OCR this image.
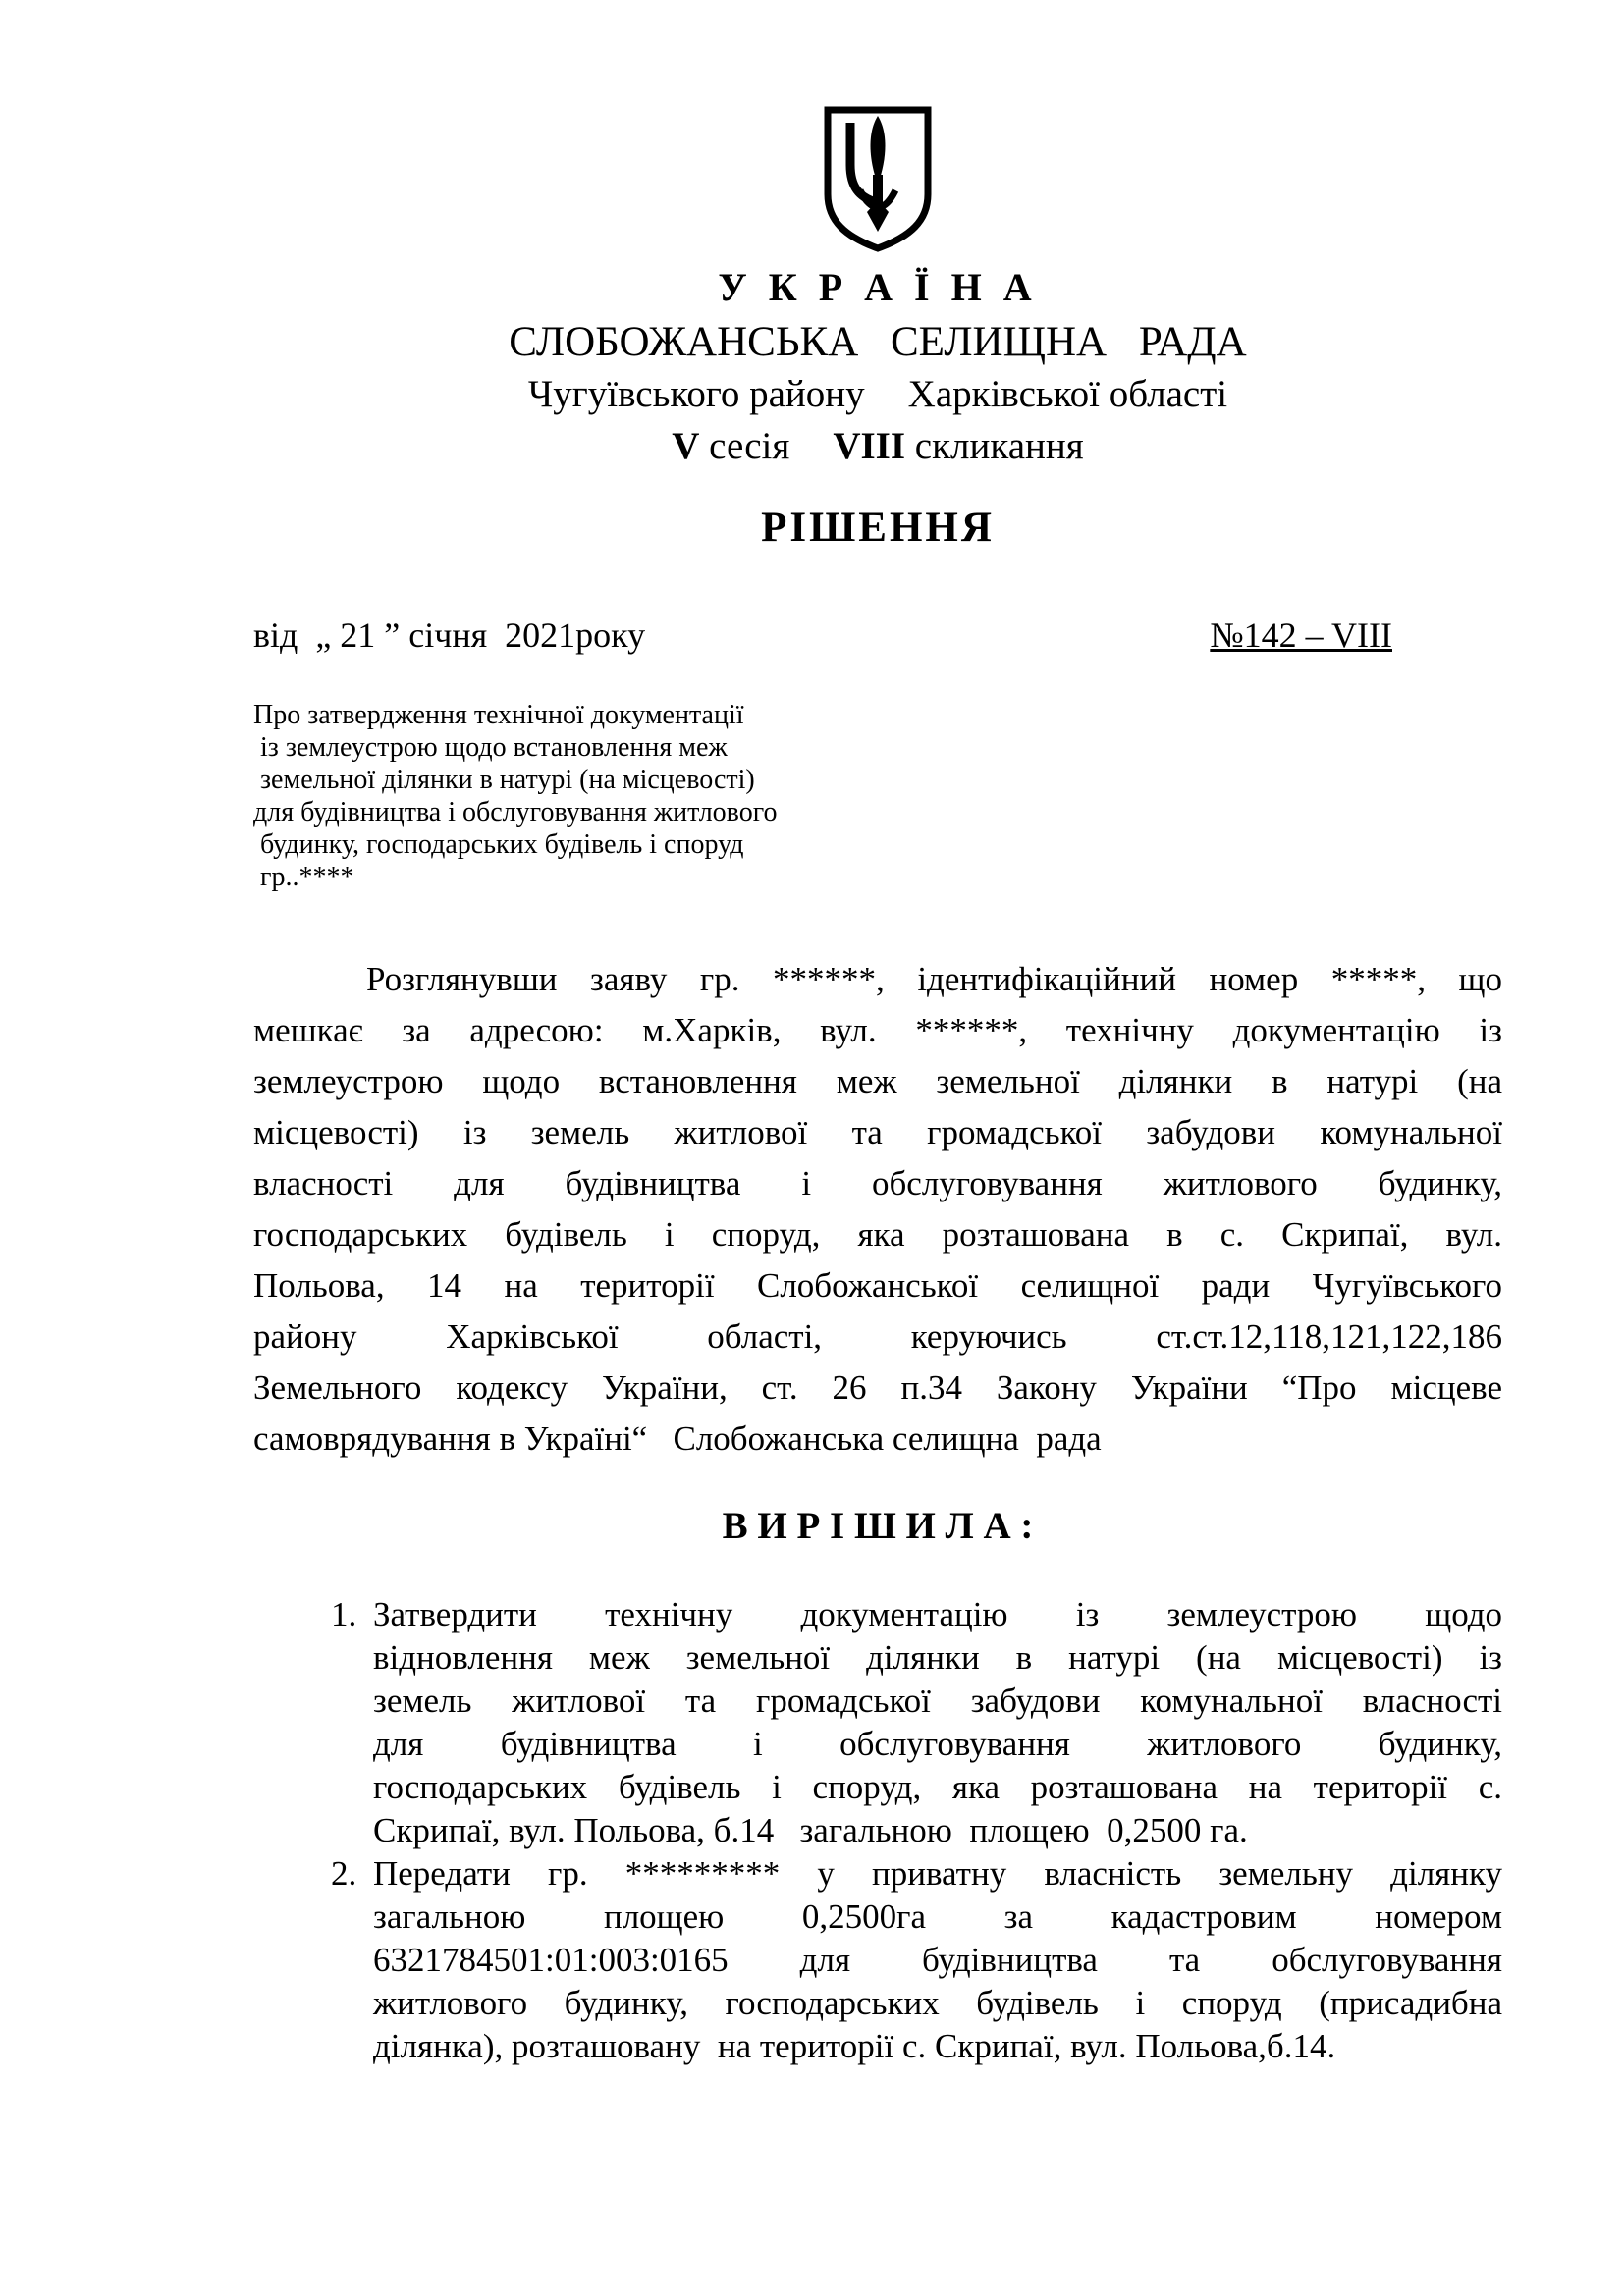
У К Р А Ї Н А
СЛОБОЖАНСЬКА СЕЛИЩНА РАДА
Чугуївського району Харківської області
V сесія VIII скликання
РІШЕННЯ
від  „ 21 ” січня  2021року	№142 – VIII
Про затвердження технічної документації
із землеустрою щодо встановлення меж
земельної ділянки в натурі (на місцевості)
для будівництва і обслуговування житлового
будинку, господарських будівель і споруд
гр..****
Розглянувши заяву гр. ******, ідентифікаційний номер *****, що
мешкає за адресою: м.Харків, вул. ******, технічну документацію із
землеустрою щодо встановлення меж земельної ділянки в натурі (на
місцевості) із земель житлової та громадської забудови комунальної
власності для будівництва і обслуговування житлового будинку,
господарських будівель і споруд, яка розташована в с. Скрипаї, вул.
Польова, 14 на території Слобожанської селищної ради Чугуївського
району Харківської області, керуючись ст.ст.12,118,121,122,186
Земельного кодексу України, ст. 26 п.34 Закону України “Про місцеве
самоврядування в Україні“   Слобожанська селищна  рада
В И Р І Ш И Л А :
1. Затвердити технічну документацію із землеустрою щодо
відновлення меж земельної ділянки в натурі (на місцевості) із
земель житлової та громадської забудови комунальної власності
для будівництва і обслуговування житлового будинку,
господарських будівель і споруд, яка розташована на території с.
Скрипаї, вул. Польова, б.14   загальною  площею  0,2500 га.
2. Передати гр. ********* у приватну власність земельну ділянку
загальною площею 0,2500га за кадастровим номером
6321784501:01:003:0165 для будівництва та обслуговування
житлового будинку, господарських будівель і споруд (присадибна
ділянка), розташовану  на території с. Скрипаї, вул. Польова,б.14.
